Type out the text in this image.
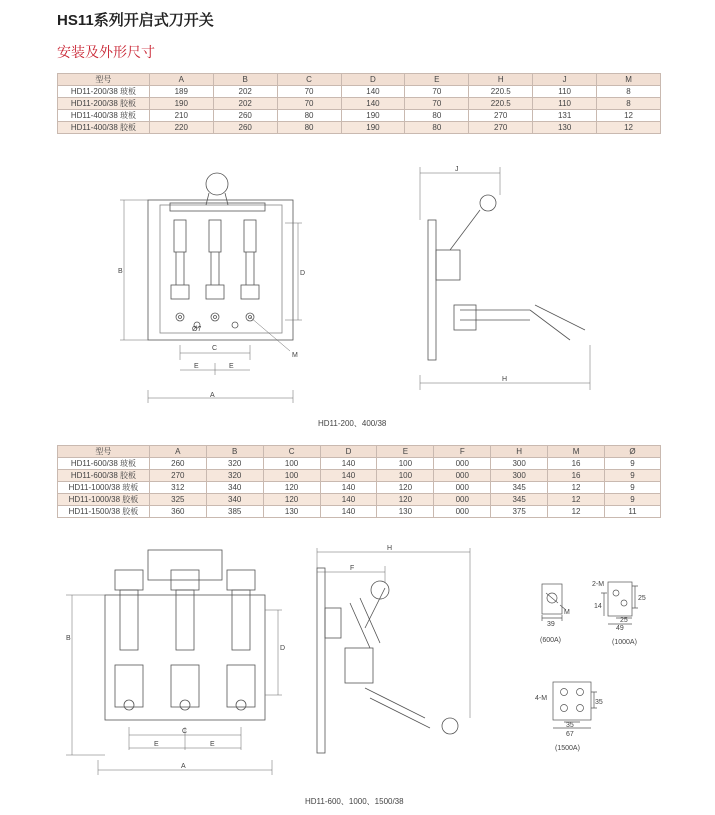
HS11系列开启式刀开关
安装及外形尺寸
型号	A	B	C	D	E	H	J	M
HD11-200/38 玻板	189	202	70	140	70	220.5	110	8
HD11-200/38 胶板	190	202	70	140	70	220.5	110	8
HD11-400/38 玻板	210	260	80	190	80	270	131	12
HD11-400/38 胶板	220	260	80	190	80	270	130	12
型号	A	B	C	D	E	F	H	M	Ø
HD11-600/38 玻板	260	320	100	140	100	000	300	16	9
HD11-600/38 胶板	270	320	100	140	100	000	300	16	9
HD11-1000/38 玻板	312	340	120	140	120	000	345	12	9
HD11-1000/38 胶板	325	340	120	140	120	000	345	12	9
HD11-1500/38 胶板	360	385	130	140	130	000	375	12	11
B	D
C
E	E
A
M
Ø7
J
H
HD11-200、400/38
B
D
C
E	E
A
H
F
HD11-600、1000、1500/38
39
M
(600A)
2-M
14
25
25
49
(1000A)
4-M
35
35
67
(1500A)
